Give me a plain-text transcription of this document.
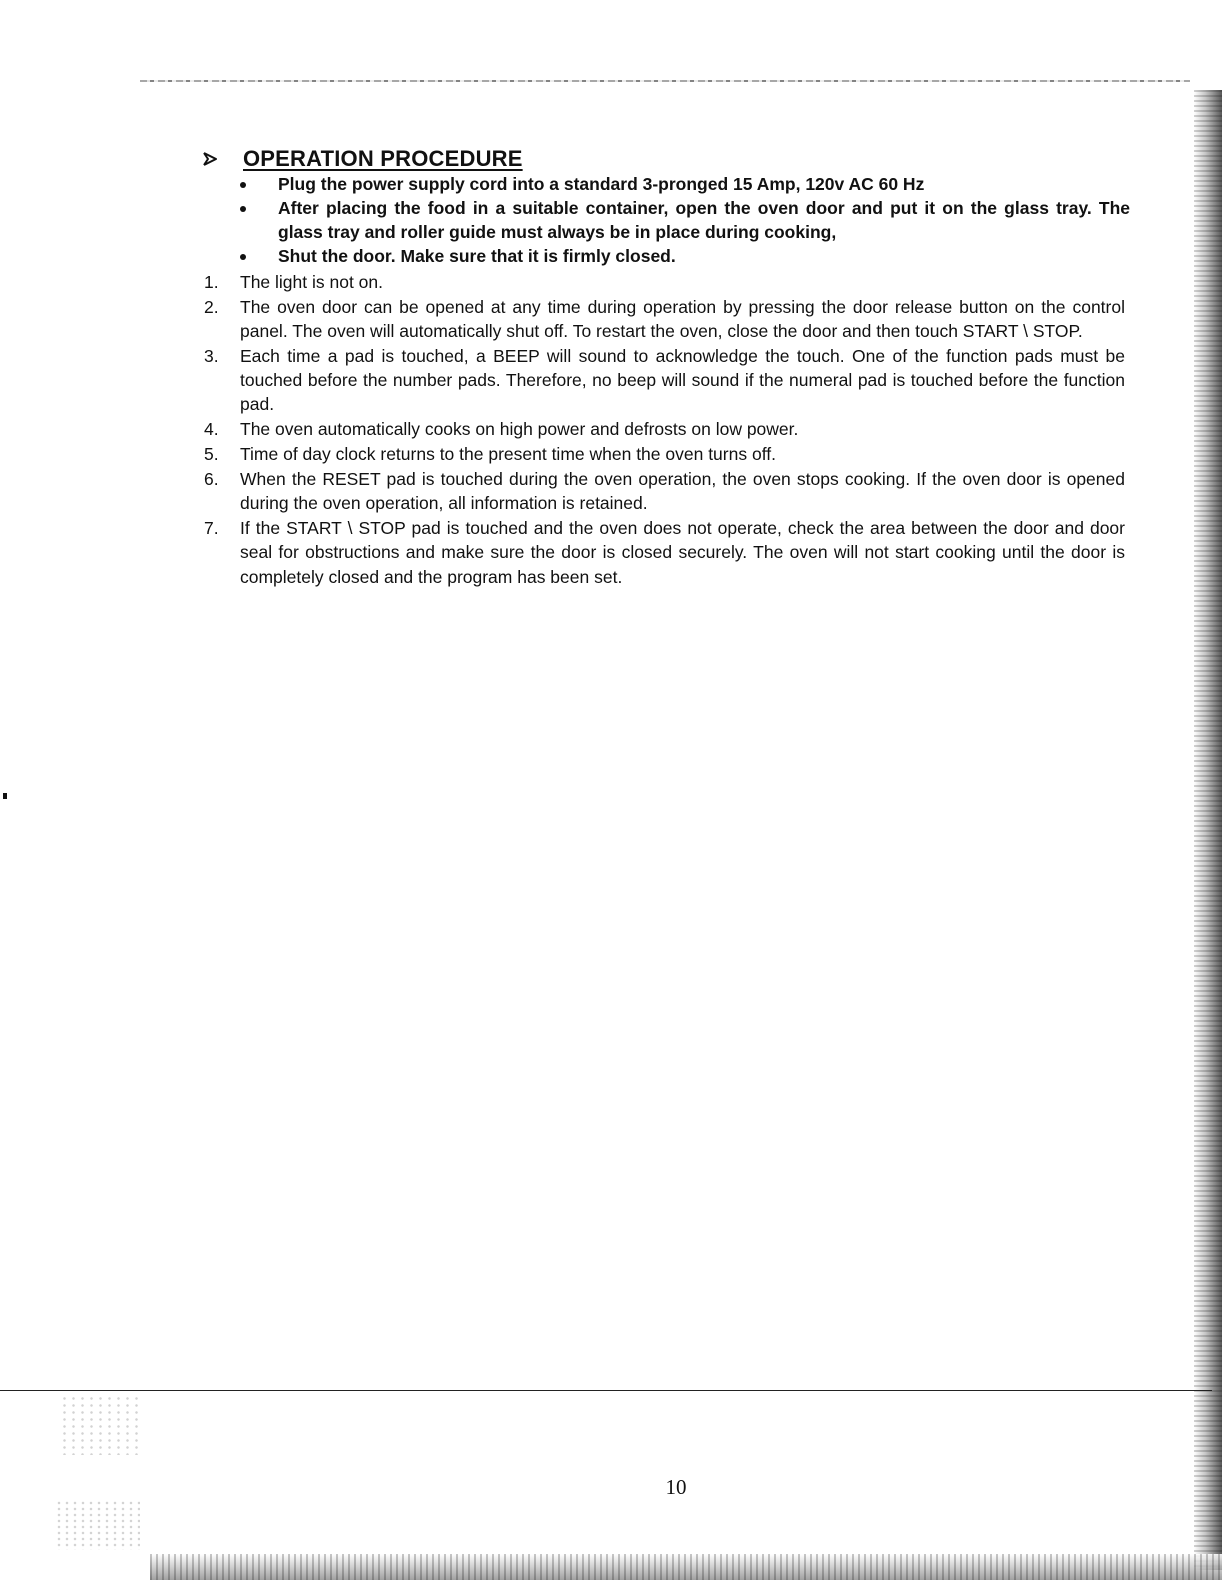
OPERATION PROCEDURE
Plug the power supply cord into a standard 3-pronged 15 Amp, 120v AC 60 Hz
After placing the food in a suitable container, open the oven door and put it on the glass tray. The glass tray and roller guide must always be in place during cooking,
Shut the door. Make sure that it is firmly closed.
1. The light is not on.
2. The oven door can be opened at any time during operation by pressing the door release button on the control panel. The oven will automatically shut off. To restart the oven, close the door and then touch START \ STOP.
3. Each time a pad is touched, a BEEP will sound to acknowledge the touch. One of the function pads must be touched before the number pads. Therefore, no beep will sound if the numeral pad is touched before the function pad.
4. The oven automatically cooks on high power and defrosts on low power.
5. Time of day clock returns to the present time when the oven turns off.
6. When the RESET pad is touched during the oven operation, the oven stops cooking. If the oven door is opened during the oven operation, all information is retained.
7. If the START \ STOP pad is touched and the oven does not operate, check the area between the door and door seal for obstructions and make sure the door is closed securely. The oven will not start cooking until the door is completely closed and the program has been set.
10
